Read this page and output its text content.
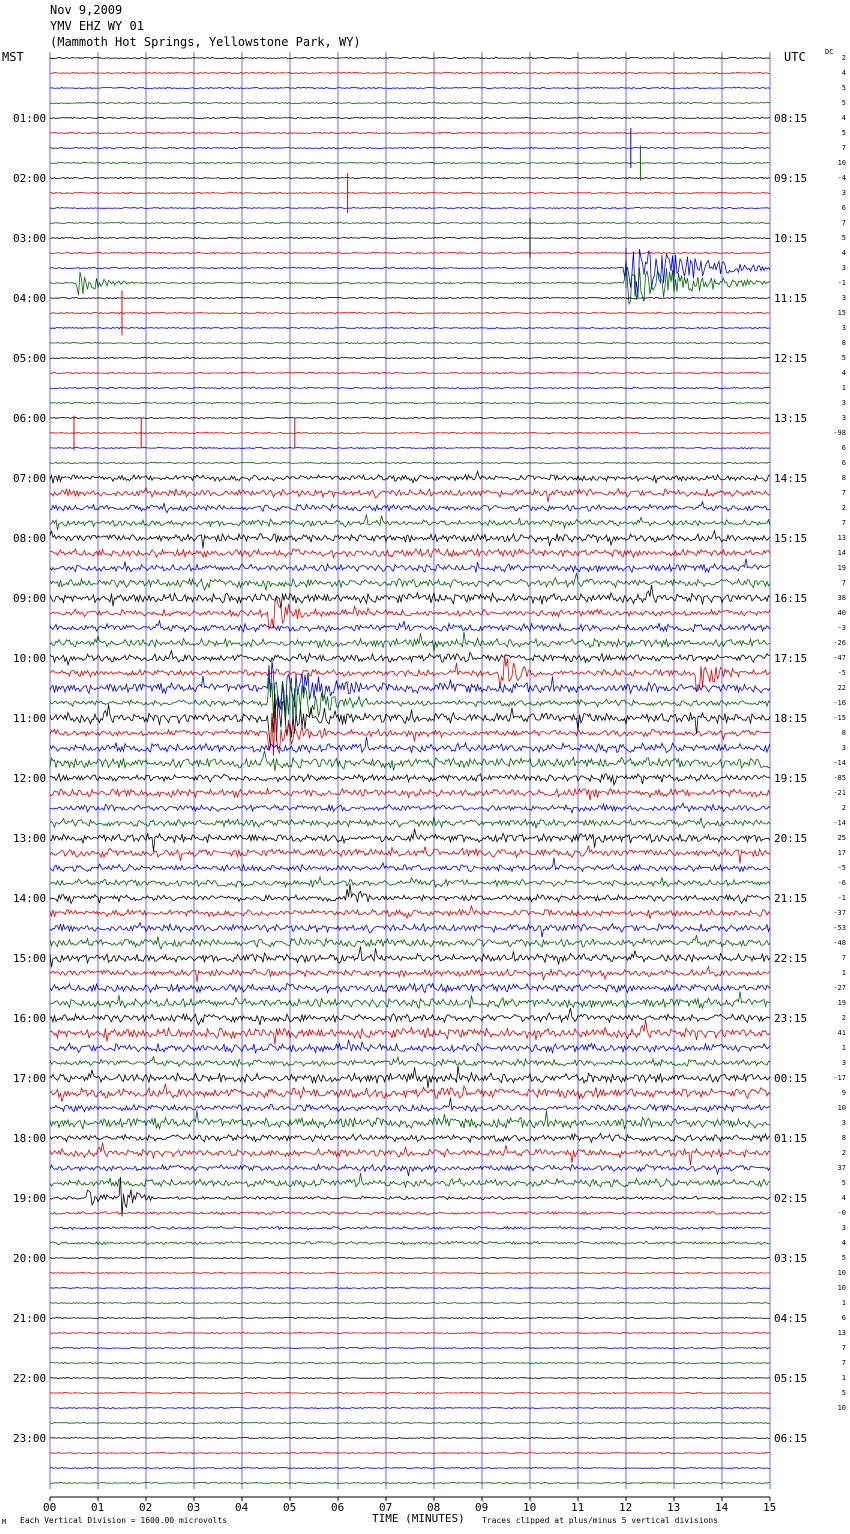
Nov 9,2009
YMV EHZ WY 01
(Mammoth Hot Springs, Yellowstone Park, WY)
MST	UTC	DC
01:00
02:00
03:00
04:00
05:00
06:00
07:00
08:00
09:00
10:00
11:00
12:00
13:00
14:00
15:00
16:00
17:00
18:00
19:00
20:00
21:00
22:00
23:00
08:15
09:15
10:15
11:15
12:15
13:15
14:15
15:15
16:15
17:15
18:15
19:15
20:15
21:15
22:15
23:15
00:15
01:15
02:15
03:15
04:15
05:15
06:15
2
4
5
5
4
5
7
10
-4
3
6
7
5
4
3
-1
3
15
3
8
5
4
1
3
3
-98
6
6
8
7
2
7
13
14
19
7
38
40
-3
-26
-47
-5
22
-16
-15
8
3
-14
-85
-21
2
-14
25
17
-5
-6
-1
-37
-53
-48
7
1
-27
19
2
41
1
3
-17
9
10
3
8
2
37
5
4
-0
3
4
5
10
10
1
6
13
7
7
1
5
10
00	01	02	03	04	05	06	07	08	09	10	11	12	13	14	15
TIME (MINUTES)
M Each Vertical Division = 1600.00 microvolts	Traces clipped at plus/minus 5 vertical divisions
